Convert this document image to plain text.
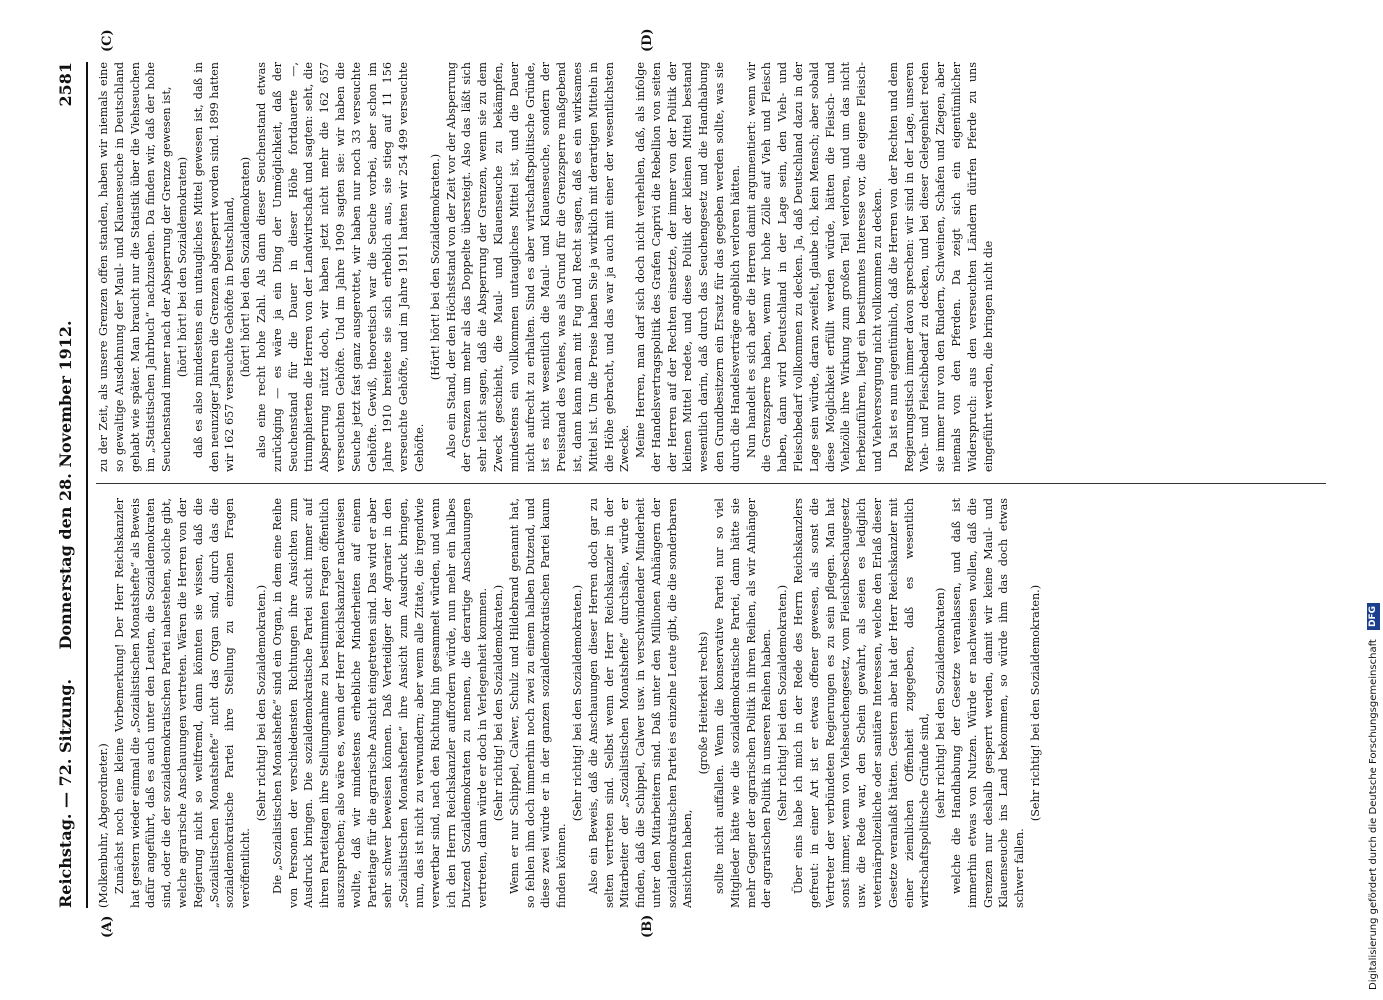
Reichstag. — 72. Sitzung.
Donnerstag den 28. November 1912.
2581
(A)	(B)
(C)	(D)

(Molkenbuhr, Abgeordneter.) Zunächst noch eine kleine Vorbemerkung! Der Herr Reichskanzler hat gestern wieder einmal die „Sozialistischen Monatshefte“ als Beweis dafür angeführt, daß es auch unter den Leuten, die Sozialdemokraten sind, oder die der sozialdemokratischen Partei nahestehen, solche gibt, welche agrarische Anschauungen vertreten. Wären die Herren von der Regierung nicht so weltfremd, dann könnten sie wissen, daß die „Sozialistischen Monatshefte“ nicht das Organ sind, durch das die sozialdemokratische Partei ihre Stellung zu einzelnen Fragen veröffentlicht.

(Sehr richtig! bei den Sozialdemokraten.) Die „Sozialistischen Monatshefte“ sind ein Organ, in dem eine Reihe von Personen der verschiedensten Richtungen ihre Ansichten zum Ausdruck bringen. Die sozialdemokratische Partei sucht immer auf ihren Parteitagen ihre Stellungnahme zu bestimmten Fragen öffentlich auszusprechen; also wäre es, wenn der Herr Reichskanzler nachweisen wollte, daß wir mindestens erhebliche Minderheiten auf einem Parteitage für die agrarische Ansicht eingetreten sind. Das wird er aber sehr schwer beweisen können. Daß Verteidiger der Agrarier in den „Sozialistischen Monatsheften“ ihre Ansicht zum Ausdruck bringen, nun, das ist nicht zu verwundern; aber wenn alle Zitate, die irgendwie verwertbar sind, nach den Richtung hin gesammelt würden, und wenn ich den Herrn Reichskanzler auffordern würde, nun mehr ein halbes Dutzend Sozialdemokraten zu nennen, die derartige Anschauungen vertreten, dann würde er doch in Verlegenheit kommen. (Sehr richtig! bei den Sozialdemokraten.) Wenn er nur Schippel, Calwer, Schulz und Hildebrand genannt hat, so fehlen ihm doch immerhin noch zwei zu einem halben Dutzend, und diese zwei würde er in der ganzen sozialdemokratischen Partei kaum finden können.

(Sehr richtig! bei den Sozialdemokraten.) Also ein Beweis, daß die Anschauungen dieser Herren doch gar zu selten vertreten sind. Selbst wenn der Herr Reichskanzler in der Mitarbeiter der „Sozialistischen Monatshefte“ durchsähe, würde er finden, daß die Schippel, Calwer usw. in verschwindender Minderheit unter den Mitarbeitern sind. Daß unter den Millionen Anhängern der sozialdemokratischen Partei es einzelne Leute gibt, die die sonderbaren Ansichten haben,

(große Heiterkeit rechts) sollte nicht auffallen. Wenn die konservative Partei nur so viel Mitglieder hätte wie die sozialdemokratische Partei, dann hätte sie mehr Gegner der agrarischen Politik in ihren Reihen, als wir Anhänger der agrarischen Politik in unseren Reihen haben. (Sehr richtig! bei den Sozialdemokraten.) Über eins habe ich mich in der Rede des Herrn Reichskanzlers gefreut: in einer Art ist er etwas offener gewesen, als sonst die Vertreter der verbündeten Regierungen es zu sein pflegen. Man hat sonst immer, wenn von Viehseuchengesetz, vom Fleischbeschaugesetz usw. die Rede war, den Schein gewahrt, als seien es lediglich veterinärpolizeiliche oder sanitäre Interessen, welche den Erlaß dieser Gesetze veranlaßt hätten. Gestern aber hat der Herr Reichskanzler mit einer ziemlichen Offenheit zugegeben, daß es wesentlich wirtschaftspolitische Gründe sind, (sehr richtig! bei den Sozialdemokraten) welche die Handhabung der Gesetze veranlassen, und daß ist immerhin etwas von Nutzen. Würde er nachweisen wollen, daß die Grenzen nur deshalb gesperrt werden, damit wir keine Maul- und Klauenseuche ins Land bekommen, so würde ihm das doch etwas schwer fallen.

(Sehr richtig! bei den Sozialdemokraten.)

zu der Zeit, als unsere Grenzen offen standen, haben wir niemals eine so gewaltige Ausdehnung der Maul- und Klauenseuche in Deutschland gehabt wie später. Man braucht nur die Statistik über die Viehseuchen im „Statistischen Jahrbuch“ nachzusehen. Da finden wir, daß der hohe Seuchenstand immer nach der Absperrung der Grenze gewesen ist, (hört! hört! bei den Sozialdemokraten) daß es also mindestens ein untaugliches Mittel gewesen ist, daß in den neunziger Jahren die Grenzen abgesperrt worden sind. 1899 hatten wir 162 657 verseuchte Gehöfte in Deutschland, (hört! hört! bei den Sozialdemokraten) also eine recht hohe Zahl. Als dann dieser Seuchenstand etwas zurückging — es wäre ja ein Ding der Unmöglichkeit, daß der Seuchenstand für die Dauer in dieser Höhe fortdauerte —, triumphierten die Herren von der Landwirtschaft und sagten: seht, die Absperrung nützt doch, wir haben jetzt nicht mehr die 162 657 verseuchten Gehöfte. Und im Jahre 1909 sagten sie: wir haben die Seuche jetzt fast ganz ausgerottet, wir haben nur noch 33 verseuchte Gehöfte. Gewiß, theoretisch war die Seuche vorbei, aber schon im Jahre 1910 breitete sie sich erheblich aus, sie stieg auf 11 156 verseuchte Gehöfte, und im Jahre 1911 hatten wir 254 499 verseuchte Gehöfte.

(Hört! hört! bei den Sozialdemokraten.) Also ein Stand, der den Höchststand von der Zeit vor der Absperrung der Grenzen um mehr als das Doppelte übersteigt. Also das läßt sich sehr leicht sagen, daß die Absperrung der Grenzen, wenn sie zu dem Zweck geschieht, die Maul- und Klauenseuche zu bekämpfen, mindestens ein vollkommen untaugliches Mittel ist, und die Dauer nicht aufrecht zu erhalten. Sind es aber wirtschaftspolitische Gründe, ist es nicht wesentlich die Maul- und Klauenseuche, sondern der Preisstand des Viehes, was als Grund für die Grenzsperre maßgebend ist, dann kann man mit Fug und Recht sagen, daß es ein wirksames Mittel ist. Um die Preise haben Sie ja wirklich mit derartigen Mitteln in die Höhe gebracht, und das war ja auch mit einer der wesentlichsten Zwecke. Meine Herren, man darf sich doch nicht verhehlen, daß, als infolge der Handelsvertragspolitik des Grafen Caprivi die Rebellion von seiten der Herren auf der Rechten einsetzte, der immer von der Politik der kleinen Mittel redete, und diese Politik der kleinen Mittel bestand wesentlich darin, daß durch das Seuchengesetz und die Handhabung den Grundbesitzern ein Ersatz für das gegeben werden sollte, was sie durch die Handelsverträge angeblich verloren hätten. Nun handelt es sich aber die Herren damit argumentiert: wenn wir die Grenzsperre haben, wenn wir hohe Zölle auf Vieh und Fleisch haben, dann wird Deutschland in der Lage sein, den Vieh- und Fleischbedarf vollkommen zu decken. Ja, daß Deutschland dazu in der Lage sein würde, daran zweifelt, glaube ich, kein Mensch; aber sobald diese Möglichkeit erfüllt werden würde, hätten die Fleisch- und Viehzölle ihre Wirkung zum großen Teil verloren, und um das nicht herbeizuführen, liegt ein bestimmtes Interesse vor, die eigene Fleisch- und Viehversorgung nicht vollkommen zu decken. Da ist es nun eigentümlich, daß die Herren von der Rechten und dem Regierungstisch immer davon sprechen: wir sind in der Lage, unseren Vieh- und Fleischbedarf zu decken, und bei dieser Gelegenheit reden sie immer nur von den Rindern, Schweinen, Schafen und Ziegen, aber niemals von den Pferden. Da zeigt sich ein eigentümlicher Widerspruch: aus den verseuchten Ländern dürfen Pferde zu uns eingeführt werden, die bringen nicht die

Digitalisierung gefördert durch die Deutsche Forschungsgemeinschaft DFG
